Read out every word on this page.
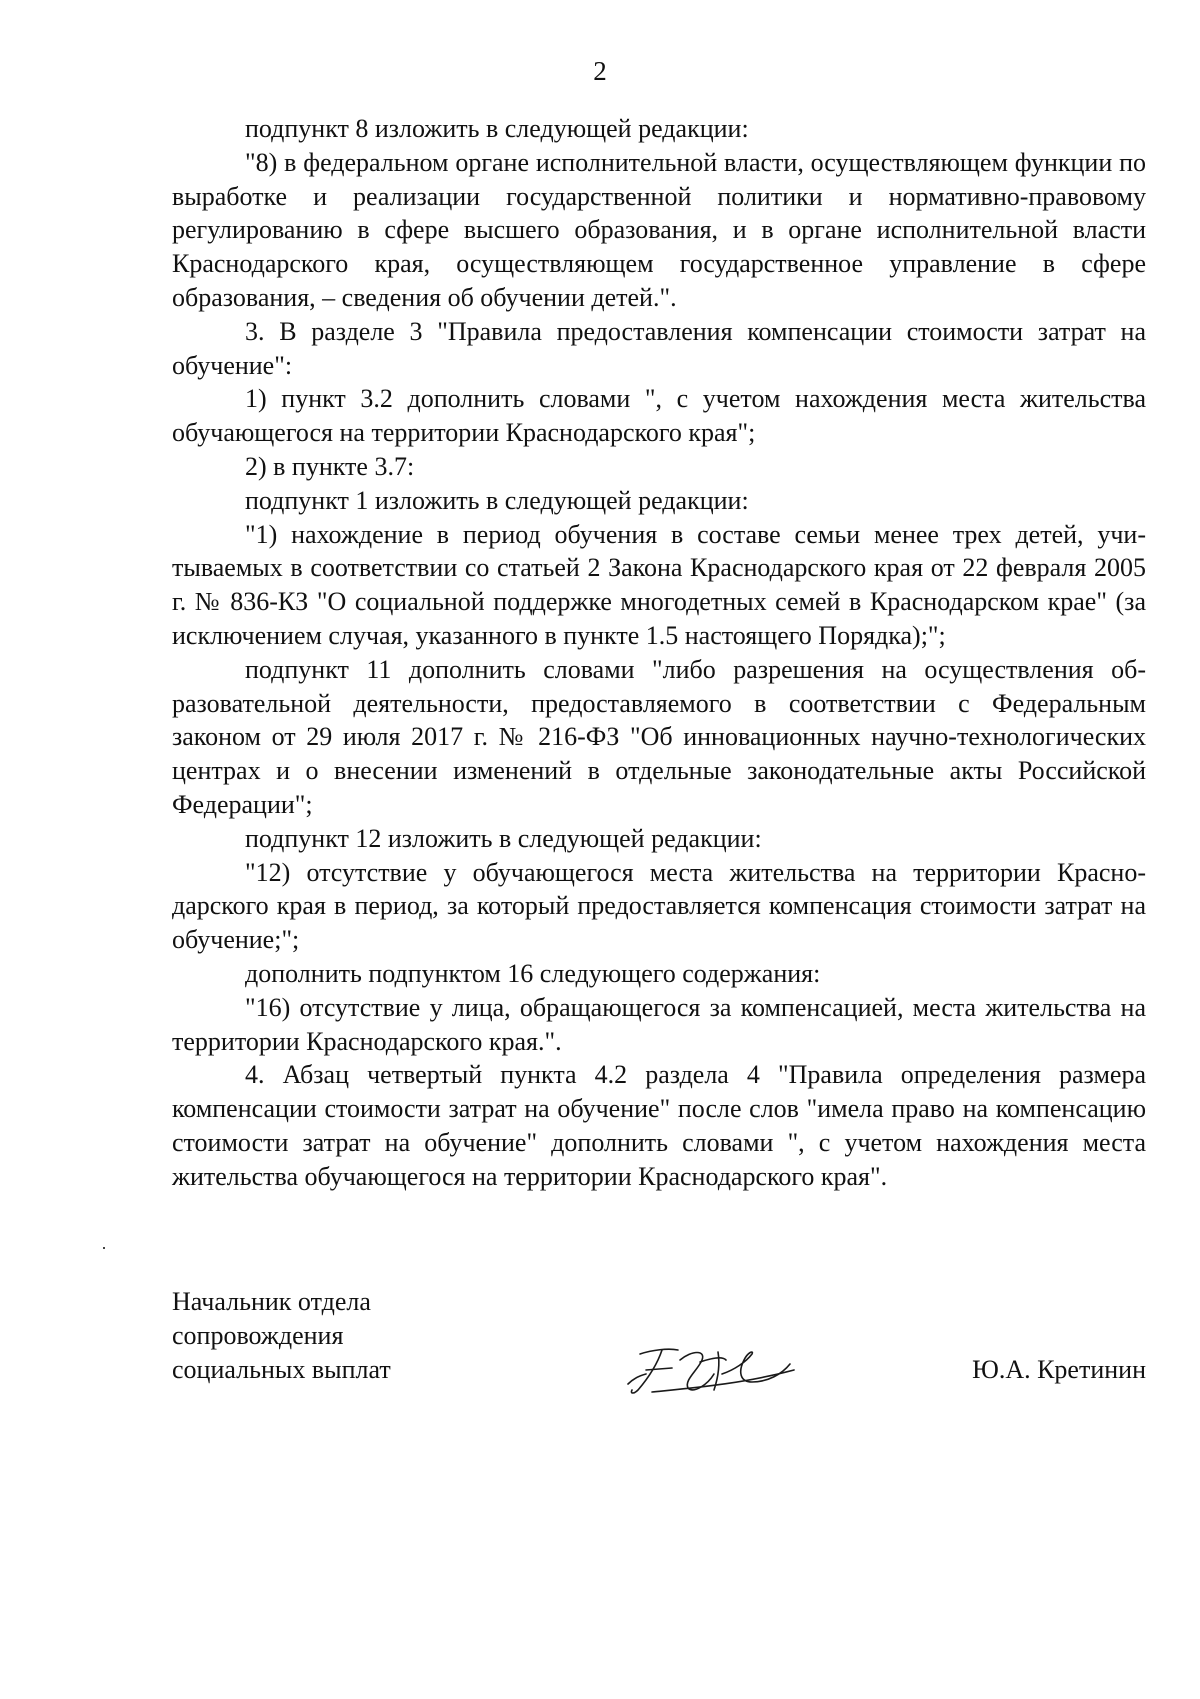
2

подпункт 8 изложить в следующей редакции:

"8) в федеральном органе исполнительной власти, осуществляющем функции по выработке и реализации государственной политики и нормативно-правовому регулированию в сфере высшего образования, и в органе исполнительной власти Краснодарского края, осуществляющем государственное управление в сфере образования, – сведения об обучении детей.".

3. В разделе 3 "Правила предоставления компенсации стоимости затрат на обучение":

1) пункт 3.2 дополнить словами ", с учетом нахождения места жительства обучающегося на территории Краснодарского края";

2) в пункте 3.7:

подпункт 1 изложить в следующей редакции:

"1) нахождение в период обучения в составе семьи менее трех детей, учитываемых в соответствии со статьей 2 Закона Краснодарского края от 22 февраля 2005 г. № 836-КЗ "О социальной поддержке многодетных семей в Краснодарском крае" (за исключением случая, указанного в пункте 1.5 настоящего Порядка);";

подпункт 11 дополнить словами "либо разрешения на осуществления образовательной деятельности, предоставляемого в соответствии с Федеральным законом от 29 июля 2017 г. № 216-ФЗ "Об инновационных научно-технологических центрах и о внесении изменений в отдельные законодательные акты Российской Федерации";

подпункт 12 изложить в следующей редакции:

"12) отсутствие у обучающегося места жительства на территории Краснодарского края в период, за который предоставляется компенсация стоимости затрат на обучение;";

дополнить подпунктом 16 следующего содержания:

"16) отсутствие у лица, обращающегося за компенсацией, места жительства на территории Краснодарского края.".

4. Абзац четвертый пункта 4.2 раздела 4 "Правила определения размера компенсации стоимости затрат на обучение" после слов "имела право на компенсацию стоимости затрат на обучение" дополнить словами ", с учетом нахождения места жительства обучающегося на территории Краснодарского края".

Начальник отдела
сопровождения
социальных выплат	Ю.А. Кретинин
